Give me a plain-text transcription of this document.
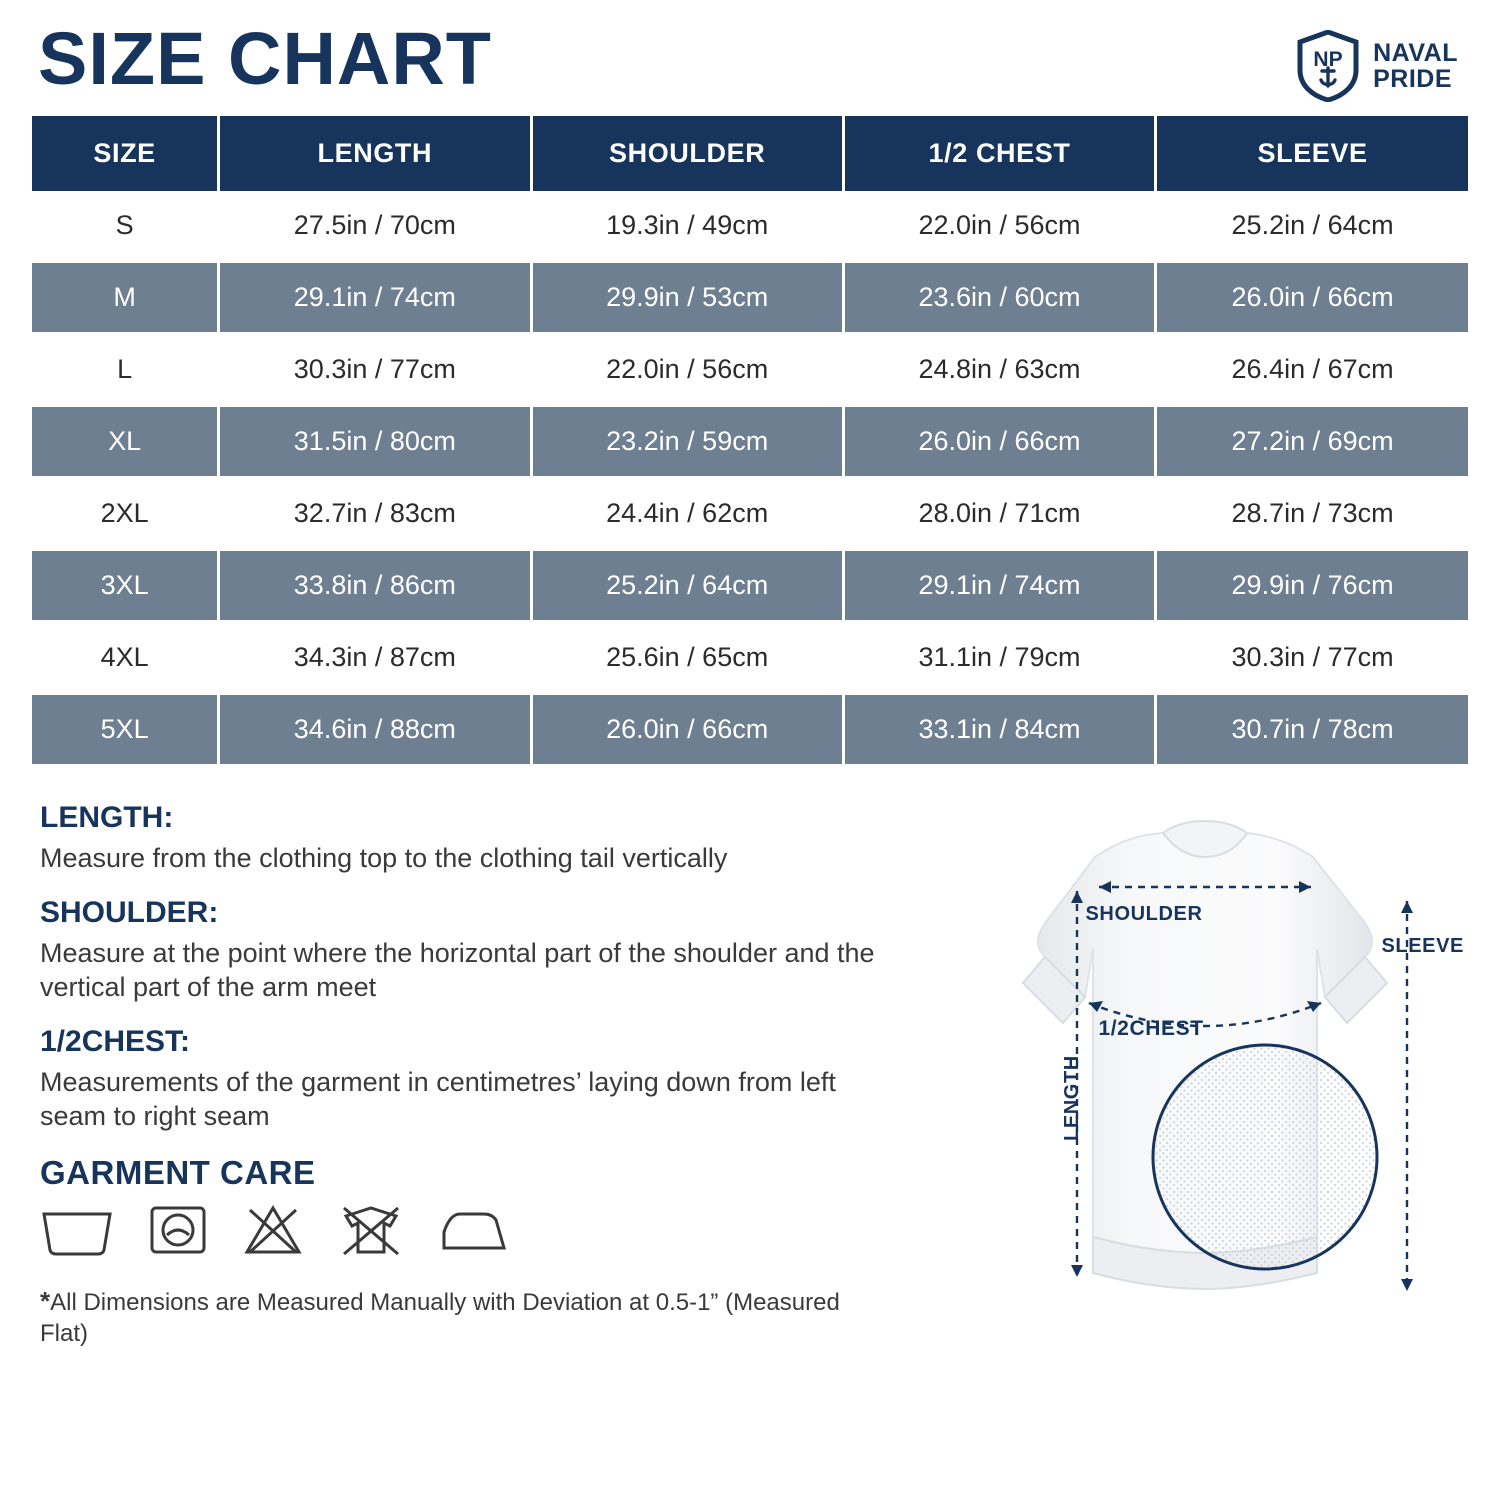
SIZE CHART	NP NAVAL
PRIDE
SIZE	LENGTH	SHOULDER	1/2 CHEST	SLEEVE
S	27.5in / 70cm	19.3in / 49cm	22.0in / 56cm	25.2in / 64cm
M	29.1in / 74cm	29.9in / 53cm	23.6in / 60cm	26.0in / 66cm
L	30.3in / 77cm	22.0in / 56cm	24.8in / 63cm	26.4in / 67cm
XL	31.5in / 80cm	23.2in / 59cm	26.0in / 66cm	27.2in / 69cm
2XL	32.7in / 83cm	24.4in / 62cm	28.0in / 71cm	28.7in / 73cm
3XL	33.8in / 86cm	25.2in / 64cm	29.1in / 74cm	29.9in / 76cm
4XL	34.3in / 87cm	25.6in / 65cm	31.1in / 79cm	30.3in / 77cm
5XL	34.6in / 88cm	26.0in / 66cm	33.1in / 84cm	30.7in / 78cm
LENGTH:
Measure from the clothing top to the clothing tail vertically
SHOULDER:
Measure at the point where the horizontal part of the shoulder and the vertical part of the arm meet
1/2CHEST:
Measurements of the garment in centimetres’ laying down from left seam to right seam
GARMENT CARE
*All Dimensions are Measured Manually with Deviation at 0.5-1” (Measured Flat)
SHOULDER
1/2CHEST
SLEEVE
LENGTH
